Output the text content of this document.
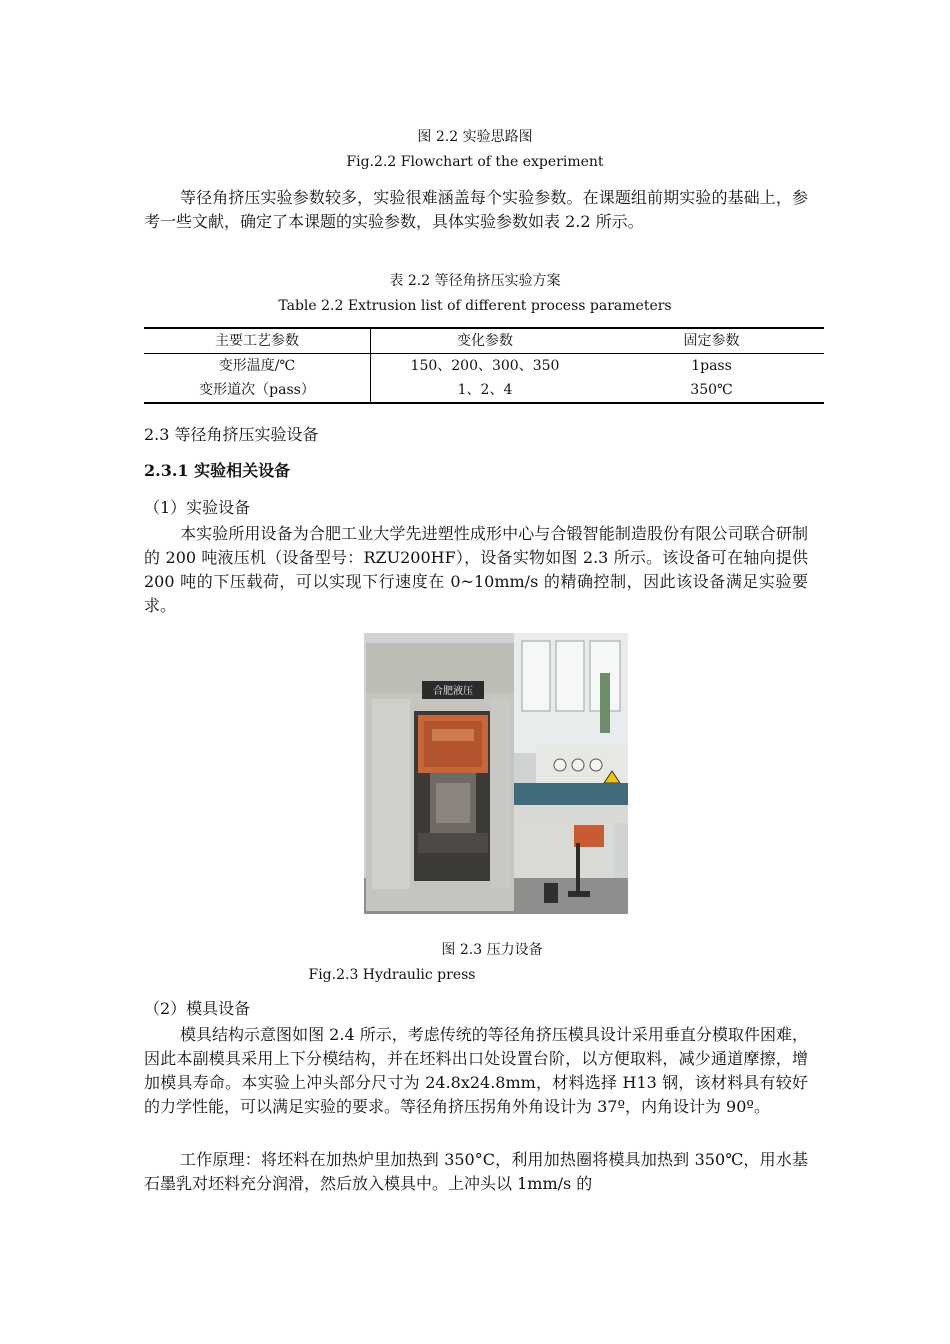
图 2.2 实验思路图
Fig.2.2 Flowchart of the experiment

等径角挤压实验参数较多，实验很难涵盖每个实验参数。在课题组前期实验的基础上，参考一些文献，确定了本课题的实验参数，具体实验参数如表 2.2 所示。

表 2.2 等径角挤压实验方案
Table 2.2 Extrusion list of different process parameters
主要工艺参数	变化参数	固定参数
变形温度/℃	150、200、300、350	1pass
变形道次（pass）	1、2、4	350℃
2.3 等径角挤压实验设备
2.3.1 实验相关设备
（1）实验设备

本实验所用设备为合肥工业大学先进塑性成形中心与合锻智能制造股份有限公司联合研制的 200 吨液压机（设备型号：RZU200HF），设备实物如图 2.3 所示。该设备可在轴向提供 200 吨的下压载荷，可以实现下行速度在 0~10mm/s 的精确控制，因此该设备满足实验要求。

合肥液压
图 2.3 压力设备
Fig.2.3 Hydraulic press
（2）模具设备

模具结构示意图如图 2.4 所示，考虑传统的等径角挤压模具设计采用垂直分模取件困难，因此本副模具采用上下分模结构，并在坯料出口处设置台阶，以方便取料，减少通道摩擦，增加模具寿命。本实验上冲头部分尺寸为 24.8x24.8mm，材料选择 H13 钢，该材料具有较好的力学性能，可以满足实验的要求。等径角挤压拐角外角设计为 37º，内角设计为 90º。

工作原理：将坯料在加热炉里加热到 350°C，利用加热圈将模具加热到 350℃，用水基石墨乳对坯料充分润滑，然后放入模具中。上冲头以 1mm/s 的
